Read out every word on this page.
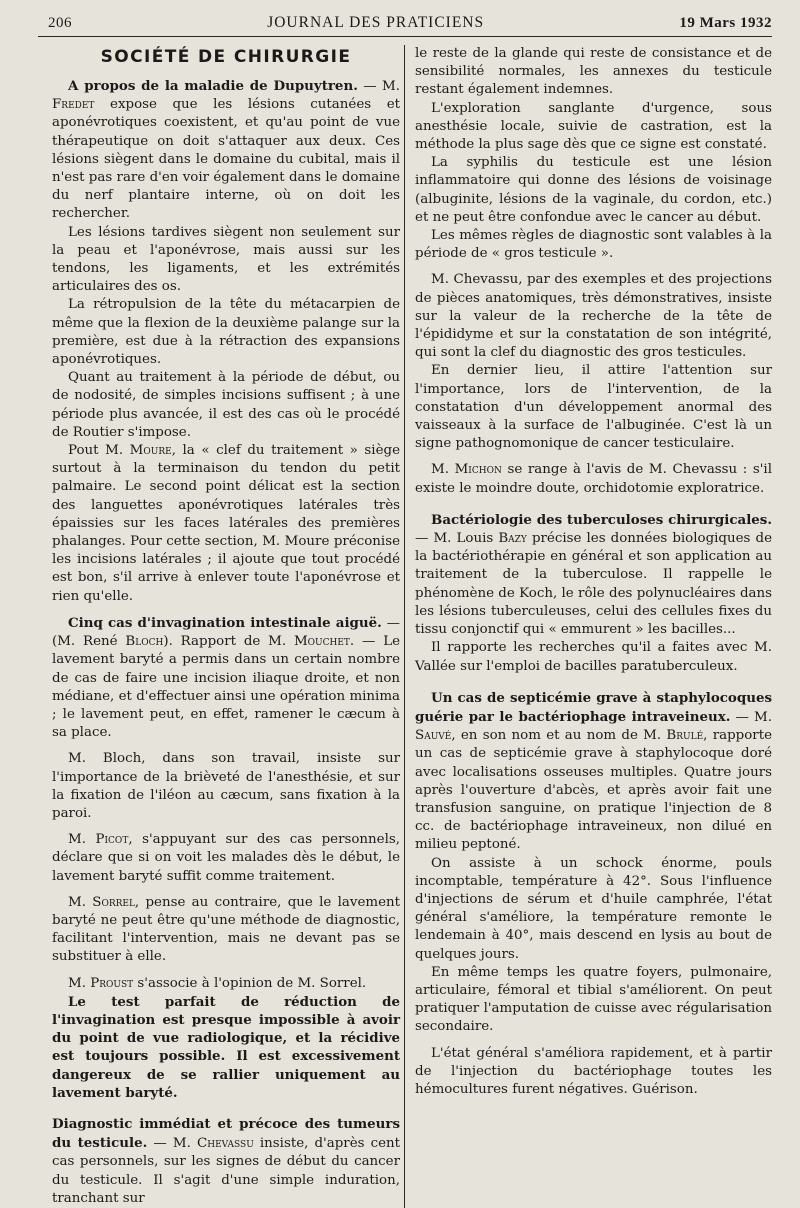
206	JOURNAL DES PRATICIENS	19 Mars 1932
SOCIÉTÉ DE CHIRURGIE

A propos de la maladie de Dupuytren. — M. Fredet expose que les lésions cutanées et aponévrotiques coexistent, et qu'au point de vue thérapeutique on doit s'attaquer aux deux. Ces lésions siègent dans le domaine du cubital, mais il n'est pas rare d'en voir également dans le domaine du nerf plantaire interne, où on doit les rechercher.

Les lésions tardives siègent non seulement sur la peau et l'aponévrose, mais aussi sur les tendons, les ligaments, et les extrémités articulaires des os.

La rétropulsion de la tête du métacarpien de même que la flexion de la deuxième palange sur la première, est due à la rétraction des expansions aponévrotiques.

Quant au traitement à la période de début, ou de nodosité, de simples incisions suffisent ; à une période plus avancée, il est des cas où le procédé de Routier s'impose.

Pout M. Moure, la « clef du traitement » siège surtout à la terminaison du tendon du petit palmaire. Le second point délicat est la section des languettes aponévrotiques latérales très épaissies sur les faces latérales des premières phalanges. Pour cette section, M. Moure préconise les incisions latérales ; il ajoute que tout procédé est bon, s'il arrive à enlever toute l'aponévrose et rien qu'elle.

Cinq cas d'invagination intestinale aiguë. — (M. René Bloch). Rapport de M. Mouchet. — Le lavement baryté a permis dans un certain nombre de cas de faire une incision iliaque droite, et non médiane, et d'effectuer ainsi une opération minima ; le lavement peut, en effet, ramener le cæcum à sa place.

M. Bloch, dans son travail, insiste sur l'importance de la brièveté de l'anesthésie, et sur la fixation de l'iléon au cæcum, sans fixation à la paroi.

M. Picot, s'appuyant sur des cas personnels, déclare que si on voit les malades dès le début, le lavement baryté suffit comme traitement.

M. Sorrel, pense au contraire, que le lavement baryté ne peut être qu'une méthode de diagnostic, facilitant l'intervention, mais ne devant pas se substituer à elle.

M. Proust s'associe à l'opinion de M. Sorrel.

Le test parfait de réduction de l'invagination est presque impossible à avoir du point de vue radiologique, et la récidive est toujours possible. Il est excessivement dangereux de se rallier uniquement au lavement baryté.

Diagnostic immédiat et précoce des tumeurs du testicule. — M. Chevassu insiste, d'après cent cas personnels, sur les signes de début du cancer du testicule. Il s'agit d'une simple induration, tranchant sur

le reste de la glande qui reste de consistance et de sensibilité normales, les annexes du testicule restant également indemnes.

L'exploration sanglante d'urgence, sous anesthésie locale, suivie de castration, est la méthode la plus sage dès que ce signe est constaté.

La syphilis du testicule est une lésion inflammatoire qui donne des lésions de voisinage (albuginite, lésions de la vaginale, du cordon, etc.) et ne peut être confondue avec le cancer au début.

Les mêmes règles de diagnostic sont valables à la période de « gros testicule ».

M. Chevassu, par des exemples et des projections de pièces anatomiques, très démonstratives, insiste sur la valeur de la recherche de la tête de l'épididyme et sur la constatation de son intégrité, qui sont la clef du diagnostic des gros testicules.

En dernier lieu, il attire l'attention sur l'importance, lors de l'intervention, de la constatation d'un développement anormal des vaisseaux à la surface de l'albuginée. C'est là un signe pathognomonique de cancer testiculaire.

M. Michon se range à l'avis de M. Chevassu : s'il existe le moindre doute, orchidotomie exploratrice.

Bactériologie des tuberculoses chirurgicales. — M. Louis Bazy précise les données biologiques de la bactériothérapie en général et son application au traitement de la tuberculose. Il rappelle le phénomène de Koch, le rôle des polynucléaires dans les lésions tuberculeuses, celui des cellules fixes du tissu conjonctif qui « emmurent » les bacilles...

Il rapporte les recherches qu'il a faites avec M. Vallée sur l'emploi de bacilles paratuberculeux.

Un cas de septicémie grave à staphylocoques guérie par le bactériophage intraveineux. — M. Sauvé, en son nom et au nom de M. Brulé, rapporte un cas de septicémie grave à staphylocoque doré avec localisations osseuses multiples. Quatre jours après l'ouverture d'abcès, et après avoir fait une transfusion sanguine, on pratique l'injection de 8 cc. de bactériophage intraveineux, non dilué en milieu peptoné.

On assiste à un schock énorme, pouls incomptable, température à 42°. Sous l'influence d'injections de sérum et d'huile camphrée, l'état général s'améliore, la température remonte le lendemain à 40°, mais descend en lysis au bout de quelques jours.

En même temps les quatre foyers, pulmonaire, articulaire, fémoral et tibial s'améliorent. On peut pratiquer l'amputation de cuisse avec régularisation secondaire.

L'état général s'améliora rapidement, et à partir de l'injection du bactériophage toutes les hémocultures furent négatives. Guérison.
